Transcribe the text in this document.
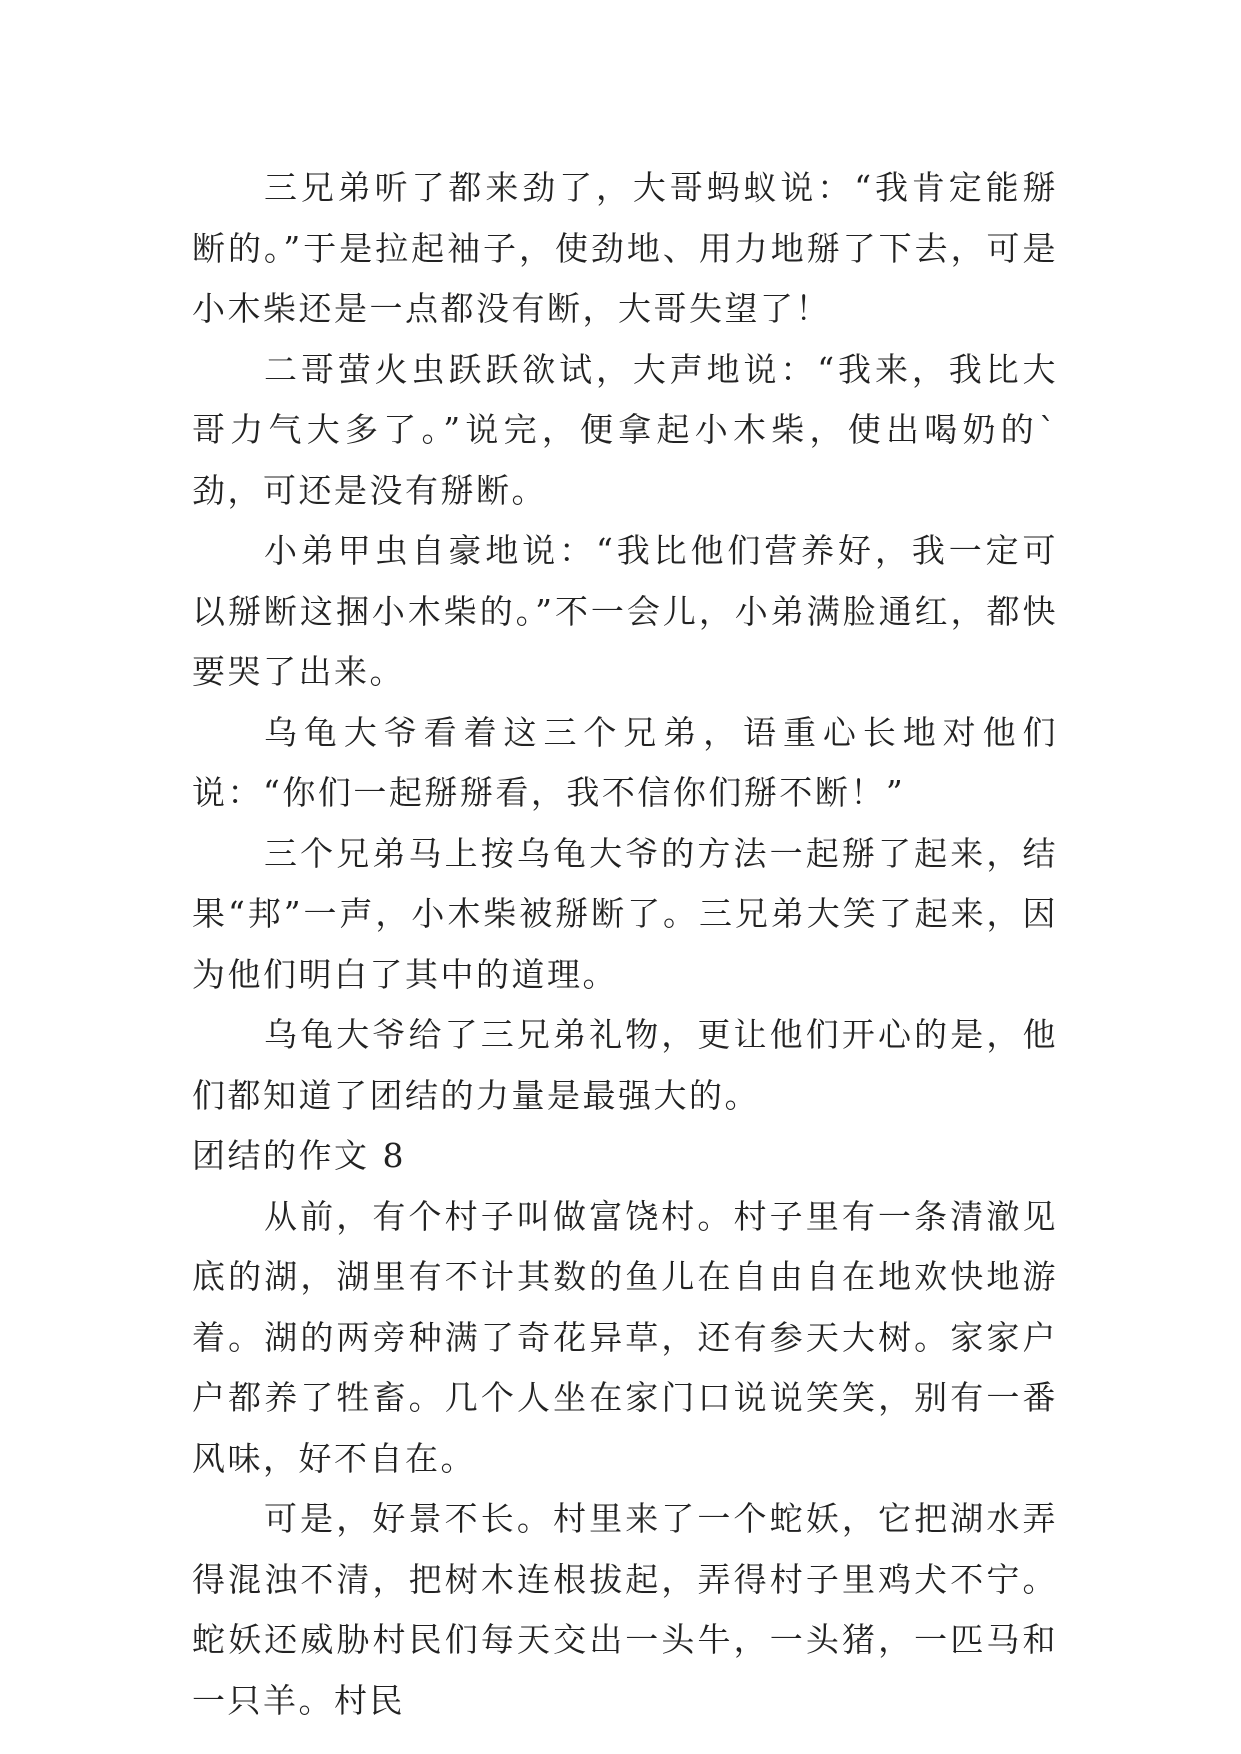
三兄弟听了都来劲了，大哥蚂蚁说：“我肯定能掰断的。”于是拉起袖子，使劲地、用力地掰了下去，可是小木柴还是一点都没有断，大哥失望了！

二哥萤火虫跃跃欲试，大声地说：“我来，我比大哥力气大多了。”说完，便拿起小木柴，使出喝奶的`劲，可还是没有掰断。

小弟甲虫自豪地说：“我比他们营养好，我一定可以掰断这捆小木柴的。”不一会儿，小弟满脸通红，都快要哭了出来。

乌龟大爷看着这三个兄弟，语重心长地对他们说：“你们一起掰掰看，我不信你们掰不断！”

三个兄弟马上按乌龟大爷的方法一起掰了起来，结果“邦”一声，小木柴被掰断了。三兄弟大笑了起来，因为他们明白了其中的道理。

乌龟大爷给了三兄弟礼物，更让他们开心的是，他们都知道了团结的力量是最强大的。

团结的作文 8

从前，有个村子叫做富饶村。村子里有一条清澈见底的湖，湖里有不计其数的鱼儿在自由自在地欢快地游着。湖的两旁种满了奇花异草，还有参天大树。家家户户都养了牲畜。几个人坐在家门口说说笑笑，别有一番风味，好不自在。

可是，好景不长。村里来了一个蛇妖，它把湖水弄得混浊不清，把树木连根拔起，弄得村子里鸡犬不宁。蛇妖还威胁村民们每天交出一头牛，一头猪，一匹马和一只羊。村民
